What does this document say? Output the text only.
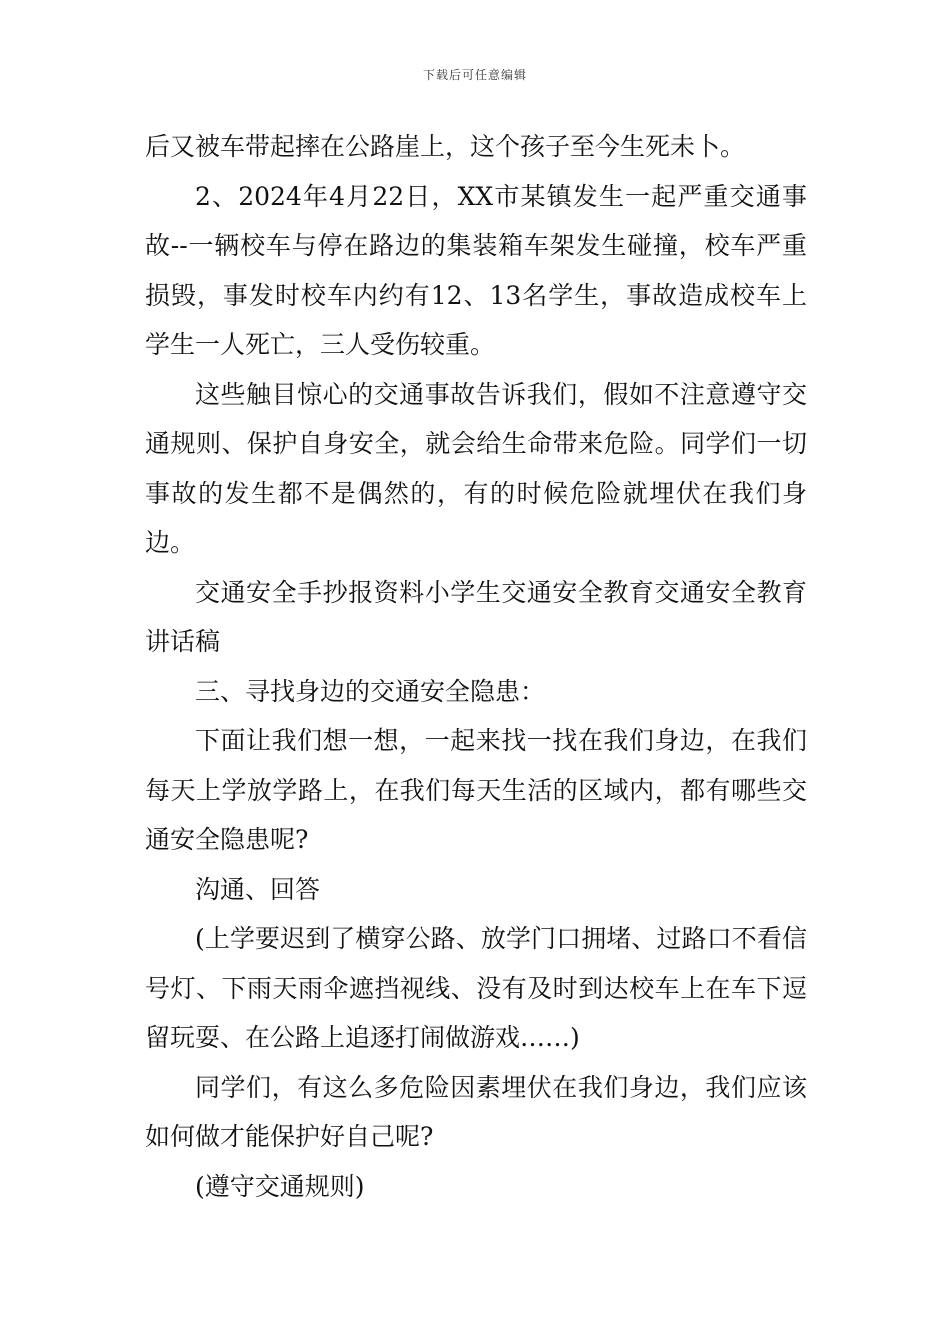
下载后可任意编辑

后又被车带起摔在公路崖上，这个孩子至今生死未卜。

2、2024年4月22日，XX市某镇发生一起严重交通事故--一辆校车与停在路边的集装箱车架发生碰撞，校车严重损毁，事发时校车内约有12、13名学生，事故造成校车上学生一人死亡，三人受伤较重。

这些触目惊心的交通事故告诉我们，假如不注意遵守交通规则、保护自身安全，就会给生命带来危险。同学们一切事故的发生都不是偶然的，有的时候危险就埋伏在我们身边。

交通安全手抄报资料小学生交通安全教育交通安全教育讲话稿

三、寻找身边的交通安全隐患：

下面让我们想一想，一起来找一找在我们身边，在我们每天上学放学路上，在我们每天生活的区域内，都有哪些交通安全隐患呢?

沟通、回答

(上学要迟到了横穿公路、放学门口拥堵、过路口不看信号灯、下雨天雨伞遮挡视线、没有及时到达校车上在车下逗留玩耍、在公路上追逐打闹做游戏……)

同学们，有这么多危险因素埋伏在我们身边，我们应该如何做才能保护好自己呢?

(遵守交通规则)
